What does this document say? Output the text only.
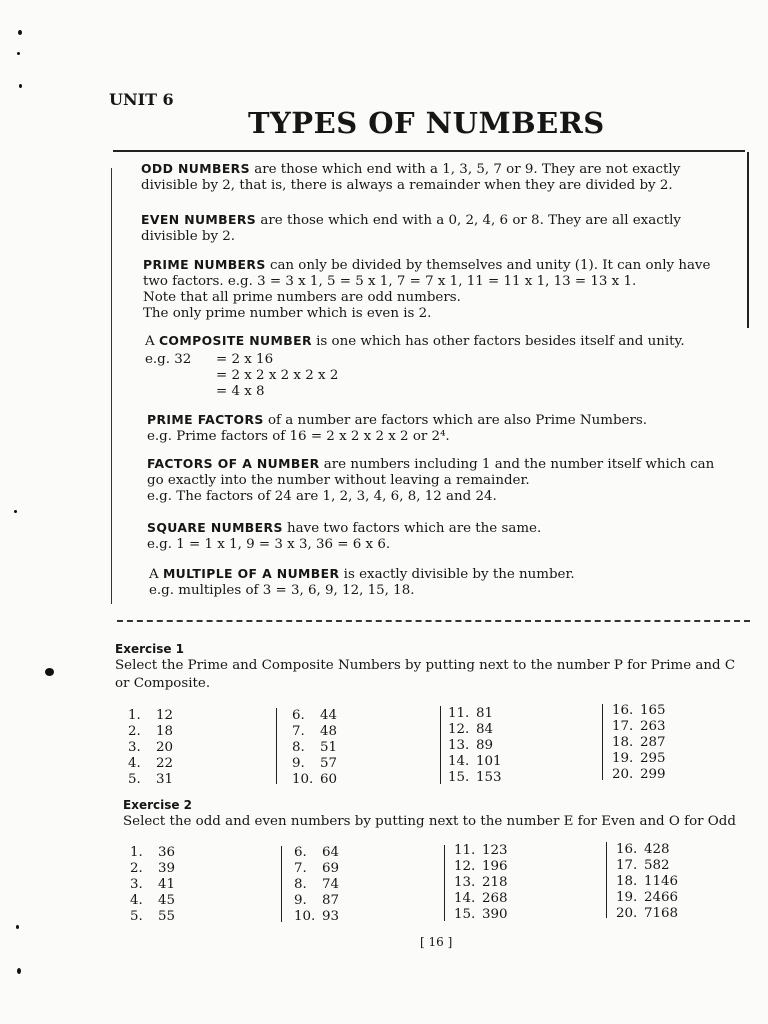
UNIT 6
TYPES OF NUMBERS
ODD NUMBERS are those which end with a 1, 3, 5, 7 or 9. They are not exactly
divisible by 2, that is, there is always a remainder when they are divided by 2.
EVEN NUMBERS are those which end with a 0, 2, 4, 6 or 8. They are all exactly
divisible by 2.
PRIME NUMBERS can only be divided by themselves and unity (1). It can only have
two factors. e.g. 3 = 3 x 1, 5 = 5 x 1, 7 = 7 x 1, 11 = 11 x 1, 13 = 13 x 1.
Note that all prime numbers are odd numbers.
The only prime number which is even is 2.
A COMPOSITE NUMBER is one which has other factors besides itself and unity.
e.g. 32 = 2 x 16
= 2 x 2 x 2 x 2 x 2
= 4 x 8
PRIME FACTORS of a number are factors which are also Prime Numbers.
e.g. Prime factors of 16 = 2 x 2 x 2 x 2 or 2⁴.
FACTORS OF A NUMBER are numbers including 1 and the number itself which can
go exactly into the number without leaving a remainder.
e.g. The factors of 24 are 1, 2, 3, 4, 6, 8, 12 and 24.
SQUARE NUMBERS have two factors which are the same.
e.g. 1 = 1 x 1, 9 = 3 x 3, 36 = 6 x 6.
A MULTIPLE OF A NUMBER is exactly divisible by the number.
e.g. multiples of 3 = 3, 6, 9, 12, 15, 18.
Exercise 1
Select the Prime and Composite Numbers by putting next to the number P for Prime and C
or Composite.
1. 12
2. 18
3. 20
4. 22
5. 31
6. 44
7. 48
8. 51
9. 57
10. 60
11. 81
12. 84
13. 89
14. 101
15. 153
16. 165
17. 263
18. 287
19. 295
20. 299
Exercise 2
Select the odd and even numbers by putting next to the number E for Even and O for Odd
1. 36
2. 39
3. 41
4. 45
5. 55
6. 64
7. 69
8. 74
9. 87
10. 93
11. 123
12. 196
13. 218
14. 268
15. 390
16. 428
17. 582
18. 1146
19. 2466
20. 7168
[ 16 ]
